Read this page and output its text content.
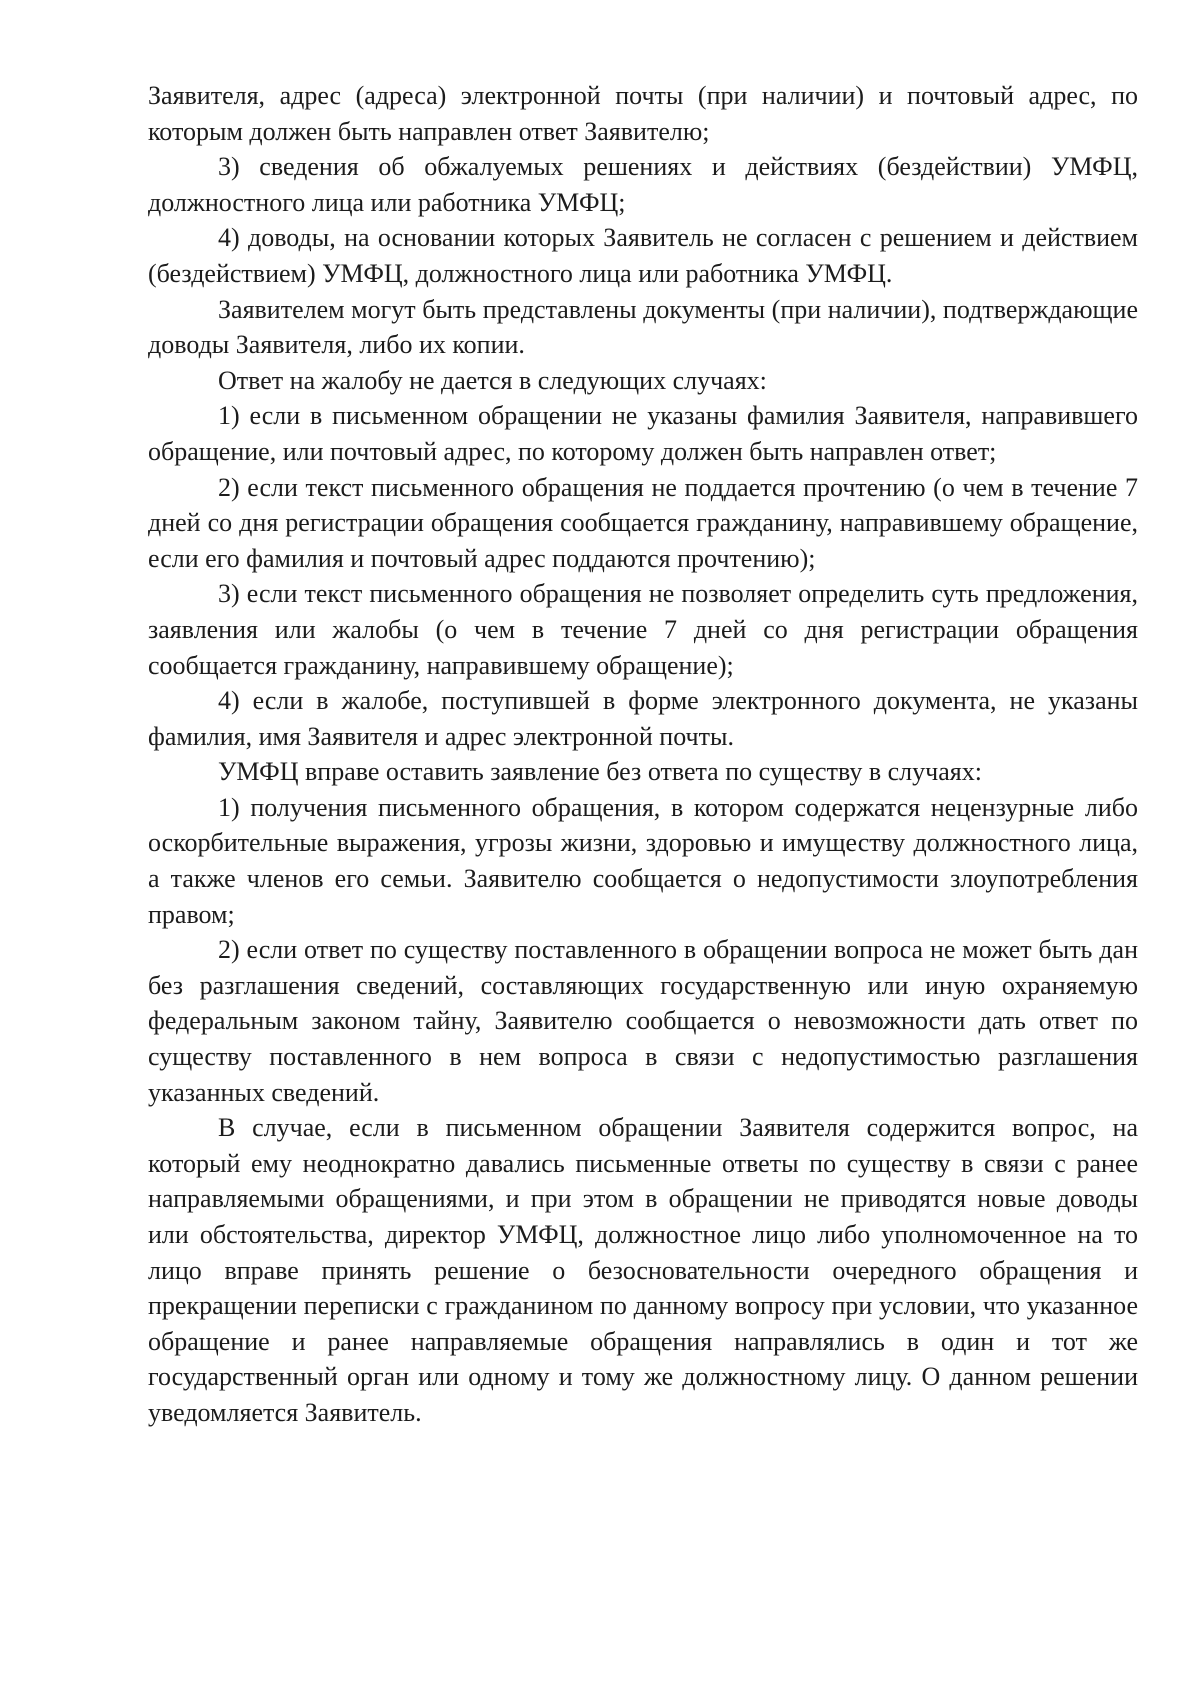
Заявителя, адрес (адреса) электронной почты (при наличии) и почтовый адрес, по которым должен быть направлен ответ Заявителю;

3) сведения об обжалуемых решениях и действиях (бездействии) УМФЦ, должностного лица или работника УМФЦ;

4) доводы, на основании которых Заявитель не согласен с решением и действием (бездействием) УМФЦ, должностного лица или работника УМФЦ.

Заявителем могут быть представлены документы (при наличии), подтверждающие доводы Заявителя, либо их копии.

Ответ на жалобу не дается в следующих случаях:

1) если в письменном обращении не указаны фамилия Заявителя, направившего обращение, или почтовый адрес, по которому должен быть направлен ответ;

2) если текст письменного обращения не поддается прочтению (о чем в течение 7 дней со дня регистрации обращения сообщается гражданину, направившему обращение, если его фамилия и почтовый адрес поддаются прочтению);

3) если текст письменного обращения не позволяет определить суть предложения, заявления или жалобы (о чем в течение 7 дней со дня регистрации обращения сообщается гражданину, направившему обращение);

4) если в жалобе, поступившей в форме электронного документа, не указаны фамилия, имя Заявителя и адрес электронной почты.

УМФЦ вправе оставить заявление без ответа по существу в случаях:

1) получения письменного обращения, в котором содержатся нецензурные либо оскорбительные выражения, угрозы жизни, здоровью и имуществу должностного лица, а также членов его семьи. Заявителю сообщается о недопустимости злоупотребления правом;

2) если ответ по существу поставленного в обращении вопроса не может быть дан без разглашения сведений, составляющих государственную или иную охраняемую федеральным законом тайну, Заявителю сообщается о невозможности дать ответ по существу поставленного в нем вопроса в связи с недопустимостью разглашения указанных сведений.

В случае, если в письменном обращении Заявителя содержится вопрос, на который ему неоднократно давались письменные ответы по существу в связи с ранее направляемыми обращениями, и при этом в обращении не приводятся новые доводы или обстоятельства, директор УМФЦ, должностное лицо либо уполномоченное на то лицо вправе принять решение о безосновательности очередного обращения и прекращении переписки с гражданином по данному вопросу при условии, что указанное обращение и ранее направляемые обращения направлялись в один и тот же государственный орган или одному и тому же должностному лицу. О данном решении уведомляется Заявитель.
